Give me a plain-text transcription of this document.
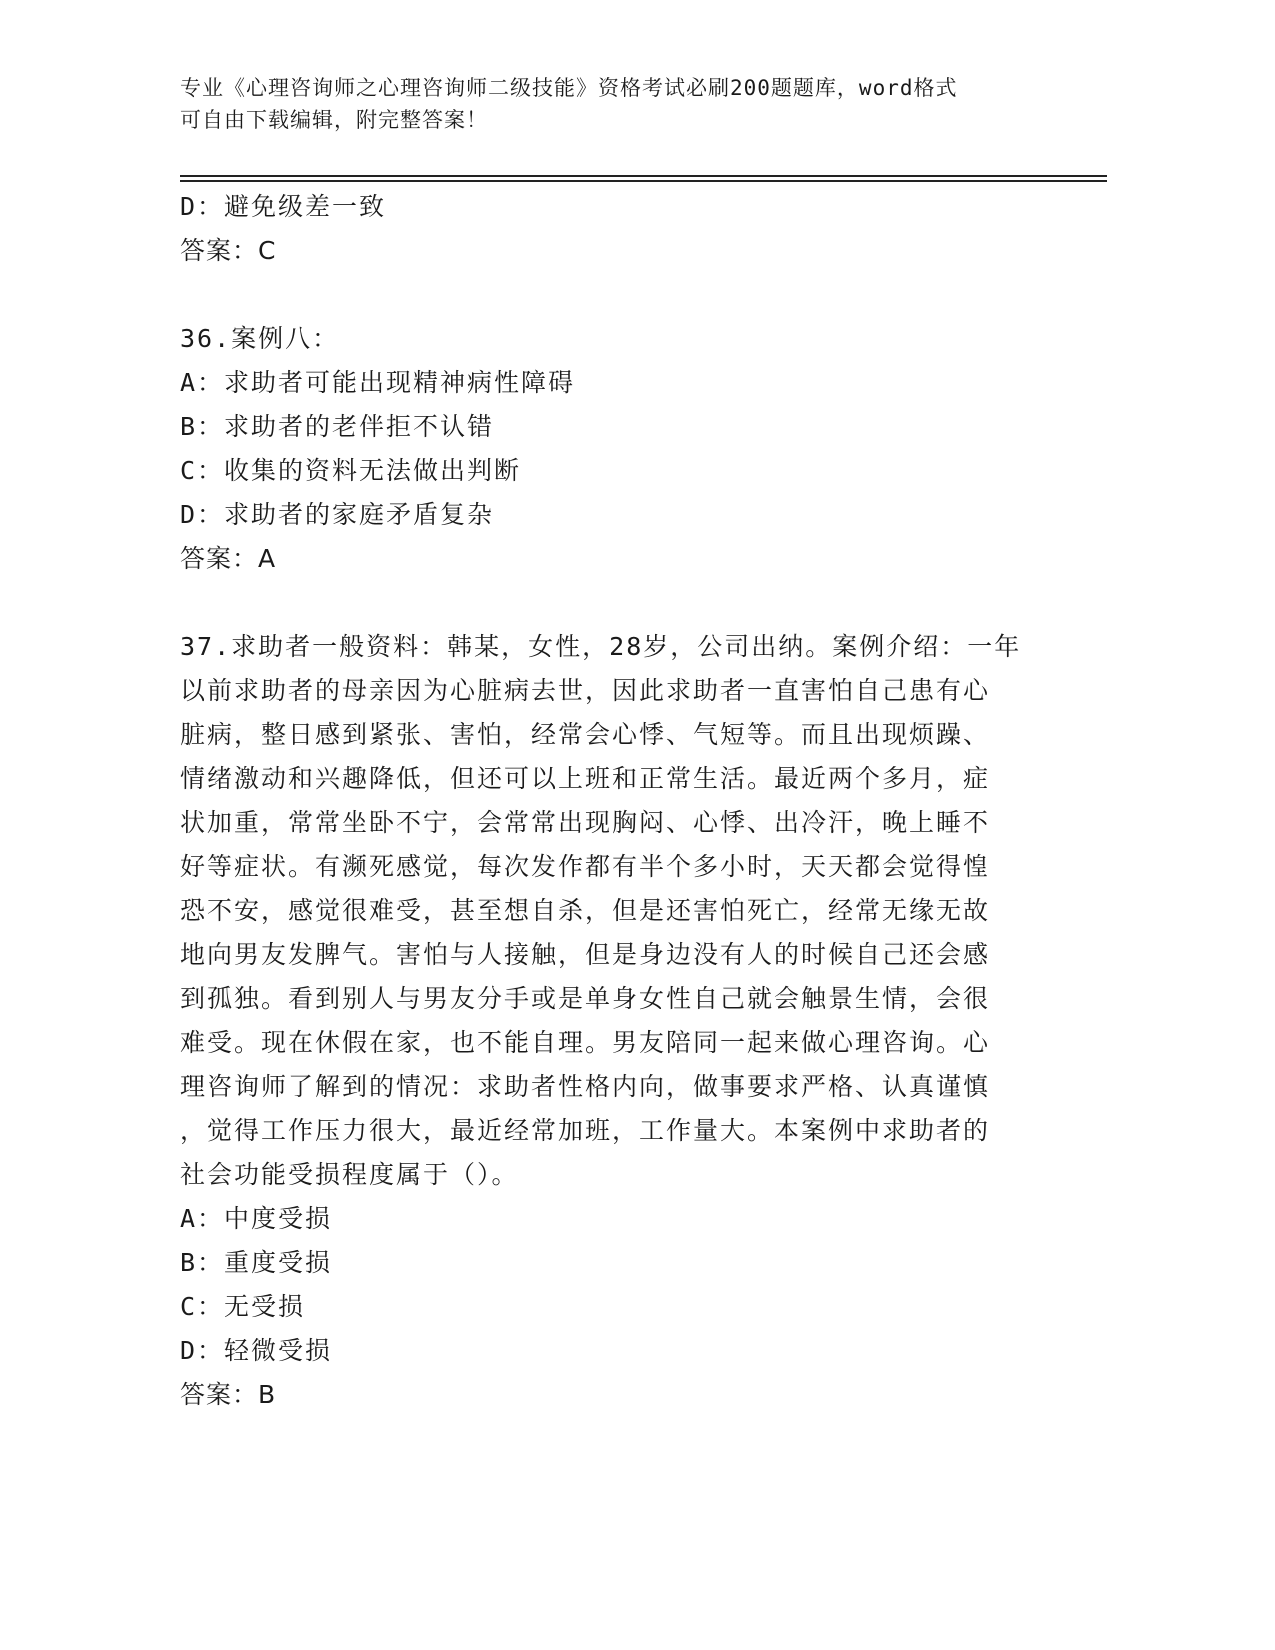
专业《心理咨询师之心理咨询师二级技能》资格考试必刷200题题库，word格式
可自由下载编辑，附完整答案！
D：避免级差一致
答案：C
36.案例八：
A：求助者可能出现精神病性障碍
B：求助者的老伴拒不认错
C：收集的资料无法做出判断
D：求助者的家庭矛盾复杂
答案：A
37.求助者一般资料：韩某，女性，28岁，公司出纳。案例介绍：一年
以前求助者的母亲因为心脏病去世，因此求助者一直害怕自己患有心
脏病，整日感到紧张、害怕，经常会心悸、气短等。而且出现烦躁、
情绪激动和兴趣降低，但还可以上班和正常生活。最近两个多月，症
状加重，常常坐卧不宁，会常常出现胸闷、心悸、出冷汗，晚上睡不
好等症状。有濒死感觉，每次发作都有半个多小时，天天都会觉得惶
恐不安，感觉很难受，甚至想自杀，但是还害怕死亡，经常无缘无故
地向男友发脾气。害怕与人接触，但是身边没有人的时候自己还会感
到孤独。看到别人与男友分手或是单身女性自己就会触景生情，会很
难受。现在休假在家，也不能自理。男友陪同一起来做心理咨询。心
理咨询师了解到的情况：求助者性格内向，做事要求严格、认真谨慎
，觉得工作压力很大，最近经常加班，工作量大。本案例中求助者的
社会功能受损程度属于（）。
A：中度受损
B：重度受损
C：无受损
D：轻微受损
答案：B
